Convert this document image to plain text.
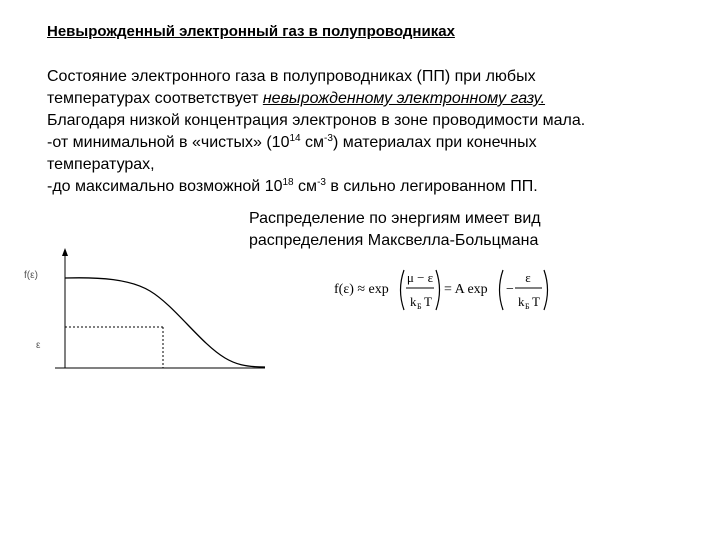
Невырожденный электронный газ в полупроводниках

Состояние электронного газа в полупроводниках (ПП) при любых

температурах соответствует невырожденному электронному газу.

Благодаря низкой концентрация электронов в зоне проводимости мала.

-от минимальной в «чистых» ($10^{14}$ $см^{-3}$) материалах при конечных

температурах,

-до максимально возможной $10^{18}$ $см^{-3}$ в сильно легированном ПП.

Распределение по энергиям имеет вид

распределения Максвелла-Больцмана

f(ε)
ε
f(ε) ≈ exp
μ − ε
k Б T
= A exp −
ε
k Б T
